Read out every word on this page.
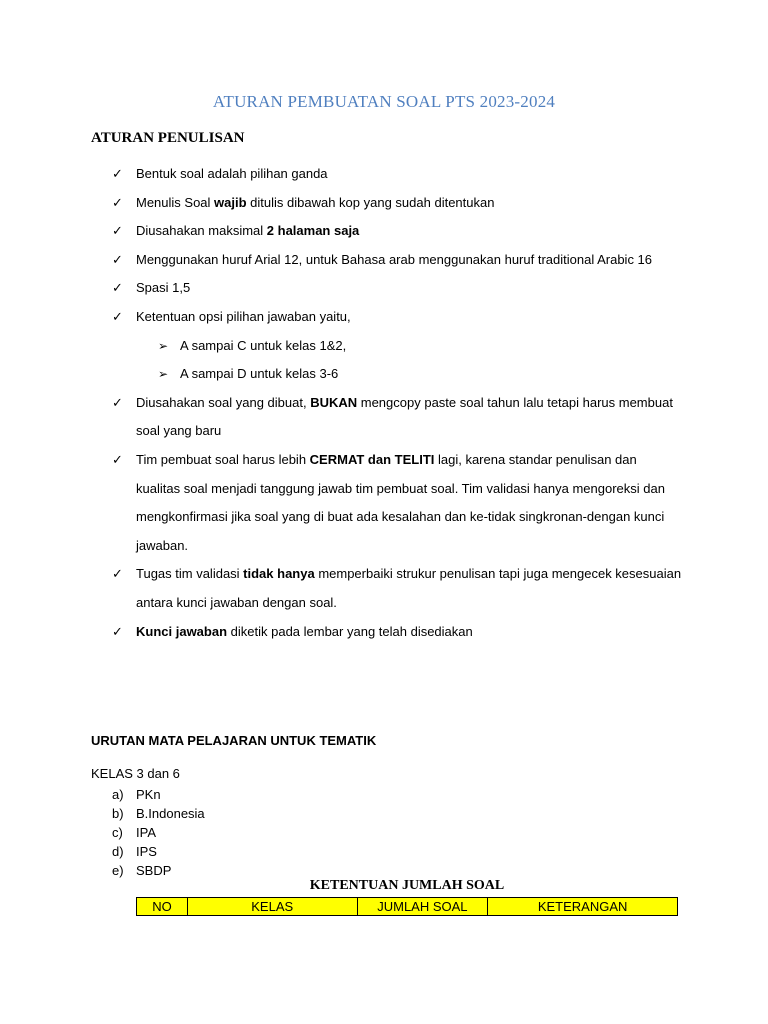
ATURAN PEMBUATAN SOAL PTS 2023-2024
ATURAN PENULISAN
✓ Bentuk soal adalah pilihan ganda
✓ Menulis Soal wajib ditulis dibawah kop yang sudah ditentukan
✓ Diusahakan maksimal 2 halaman saja
✓ Menggunakan huruf Arial 12, untuk Bahasa arab menggunakan huruf traditional Arabic 16
✓ Spasi 1,5
✓ Ketentuan opsi pilihan jawaban yaitu,
➢ A sampai C untuk kelas 1&2,
➢ A sampai D untuk kelas 3-6
✓ Diusahakan soal yang dibuat, BUKAN mengcopy paste soal tahun lalu tetapi harus membuat soal yang baru
✓ Tim pembuat soal harus lebih CERMAT dan TELITI lagi, karena standar penulisan dan kualitas soal menjadi tanggung jawab tim pembuat soal. Tim validasi hanya mengoreksi dan mengkonfirmasi jika soal yang di buat ada kesalahan dan ke-tidak singkronan-dengan kunci jawaban.
✓ Tugas tim validasi tidak hanya memperbaiki strukur penulisan tapi juga mengecek kesesuaian antara kunci jawaban dengan soal.
✓ Kunci jawaban diketik pada lembar yang telah disediakan
URUTAN MATA PELAJARAN UNTUK TEMATIK
KELAS 3 dan 6
a) PKn
b) B.Indonesia
c) IPA
d) IPS
e) SBDP
KETENTUAN JUMLAH SOAL
NO	KELAS	JUMLAH SOAL	KETERANGAN
